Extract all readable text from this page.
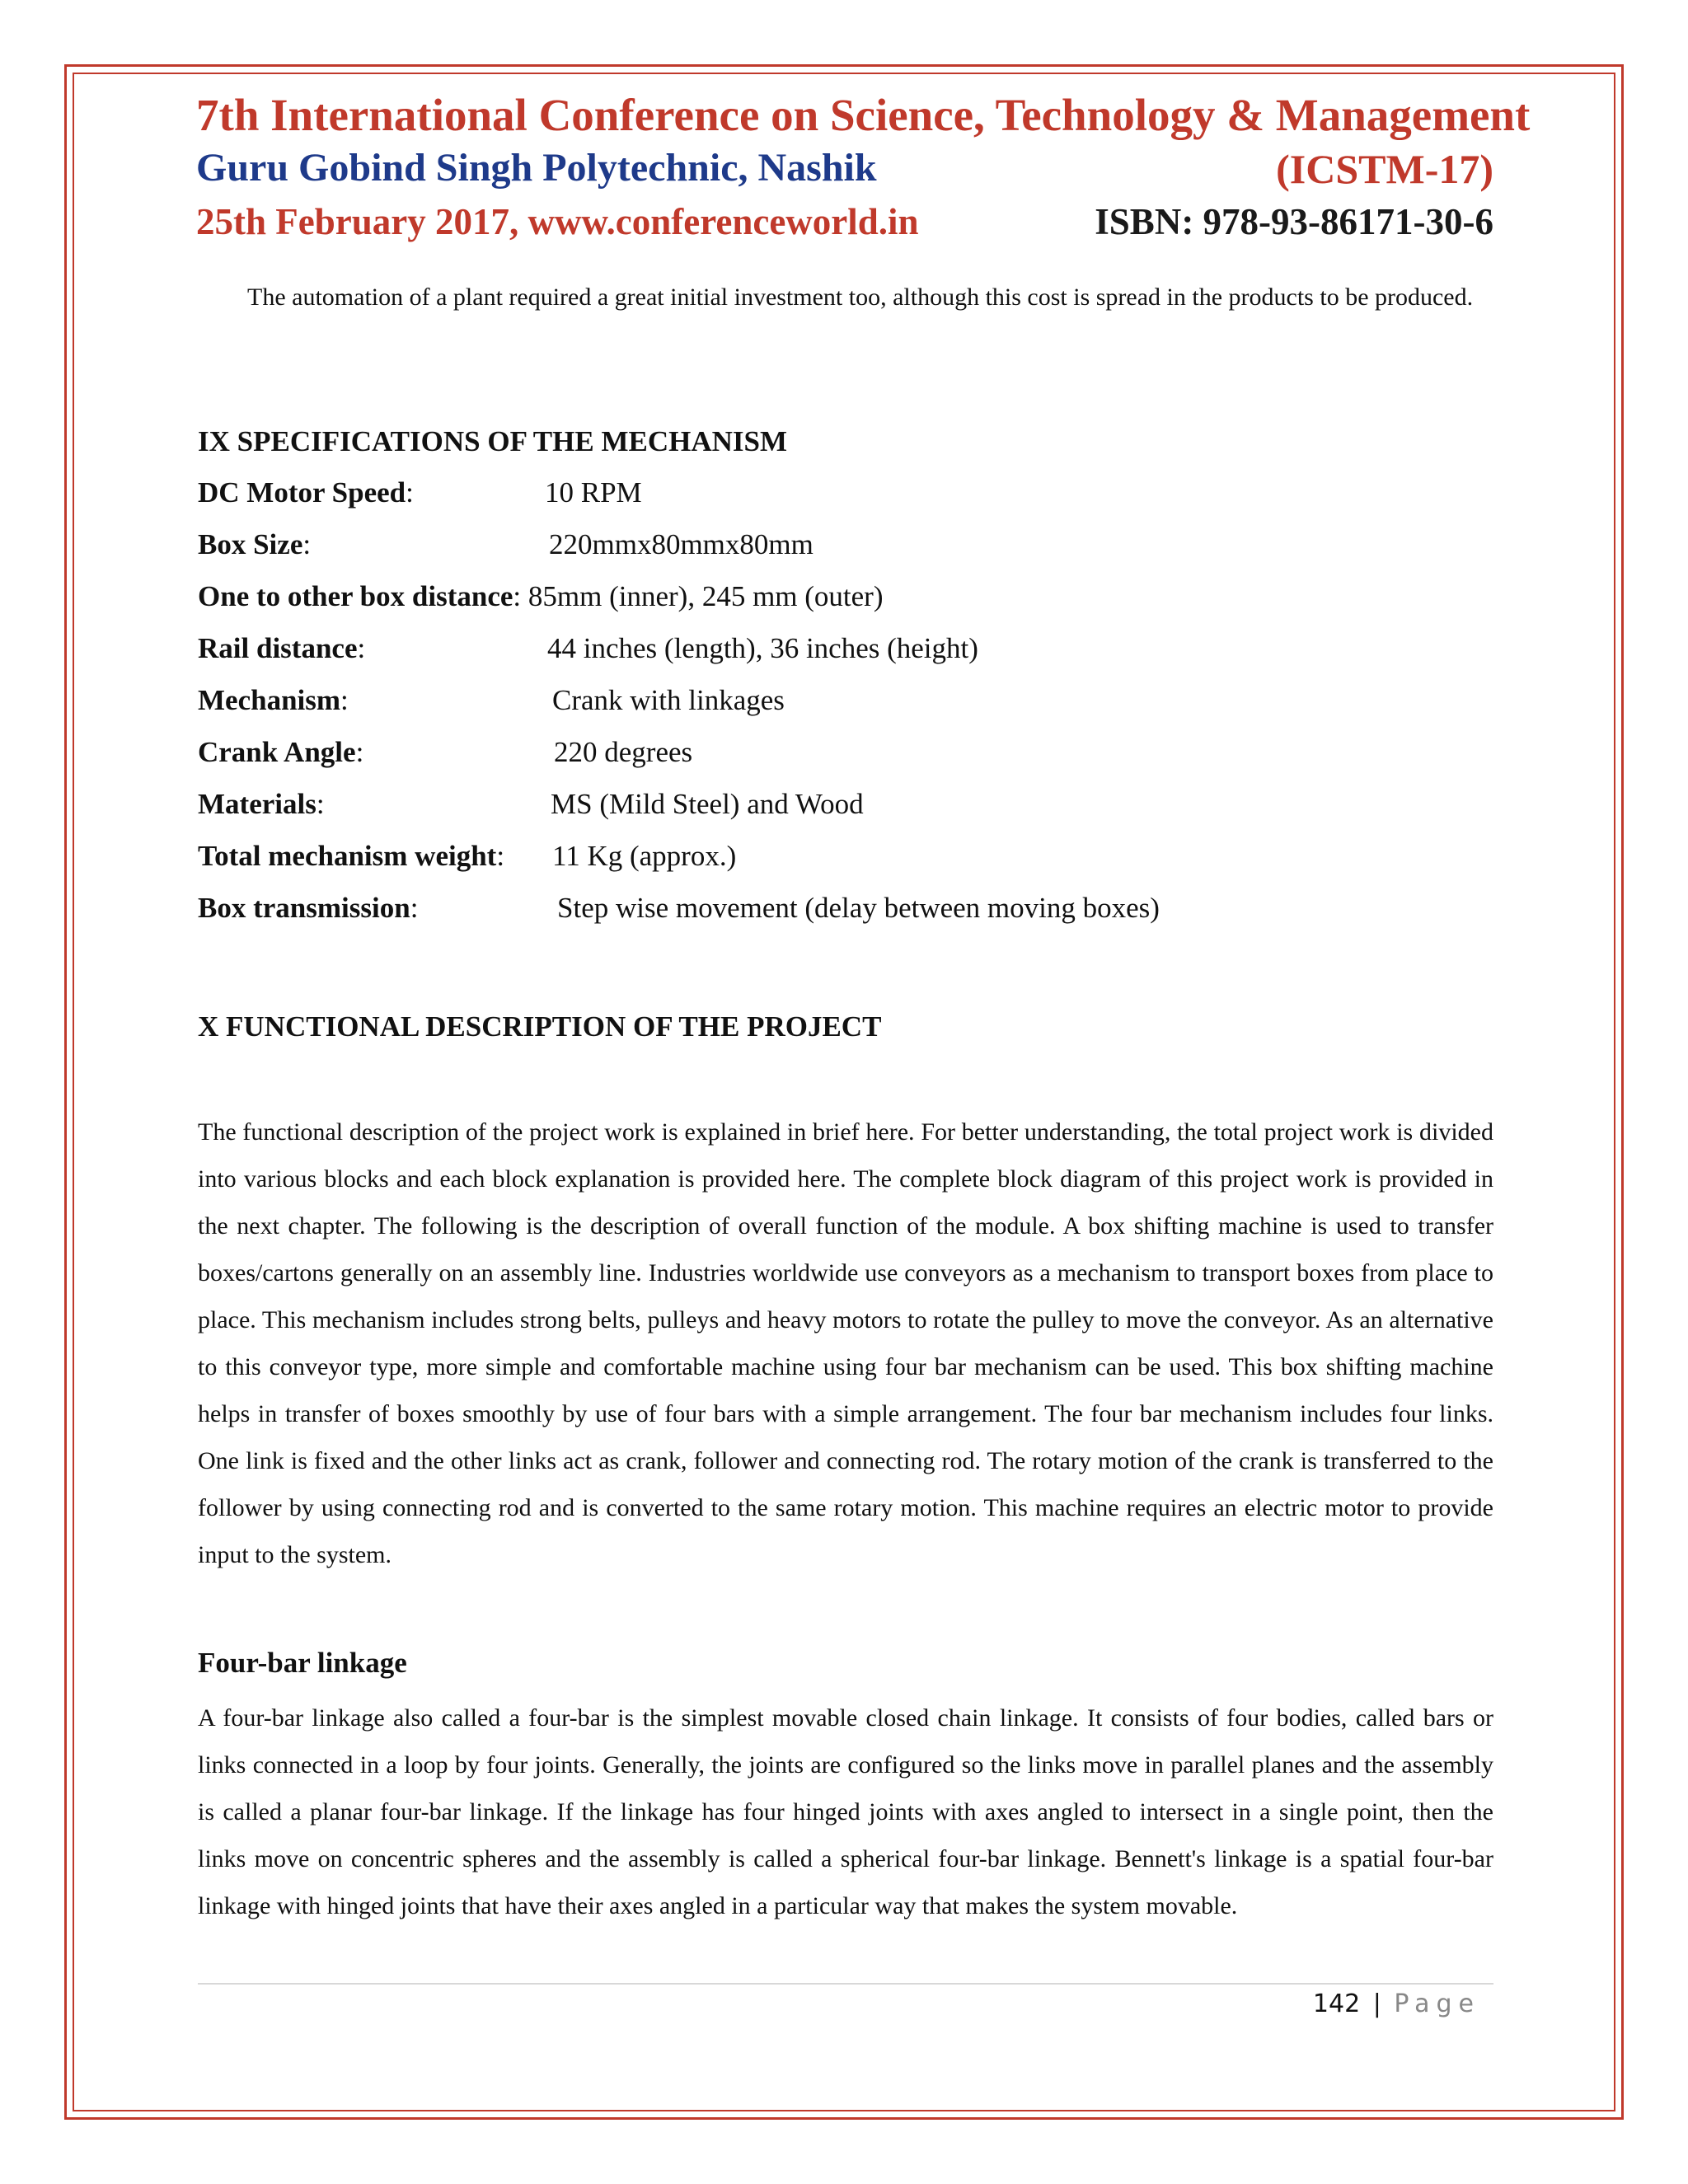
7th International Conference on Science, Technology & Management
Guru Gobind Singh Polytechnic, Nashik	(ICSTM-17)
25th February 2017, www.conferenceworld.in	ISBN: 978-93-86171-30-6
The automation of a plant required a great initial investment too, although this cost is spread in the products to be produced.
IX SPECIFICATIONS OF THE MECHANISM
DC Motor Speed:	10 RPM
Box Size:	220mmx80mmx80mm
One to other box distance: 85mm (inner), 245 mm (outer)
Rail distance:	44 inches (length), 36 inches (height)
Mechanism:	Crank with linkages
Crank Angle:	220 degrees
Materials:	MS (Mild Steel) and Wood
Total mechanism weight: 11 Kg (approx.)
Box transmission:	Step wise movement (delay between moving boxes)
X FUNCTIONAL DESCRIPTION OF THE PROJECT
The functional description of the project work is explained in brief here. For better understanding, the total project work is divided into various blocks and each block explanation is provided here. The complete block diagram of this project work is provided in the next chapter. The following is the description of overall function of the module. A box shifting machine is used to transfer boxes/cartons generally on an assembly line. Industries worldwide use conveyors as a mechanism to transport boxes from place to place. This mechanism includes strong belts, pulleys and heavy motors to rotate the pulley to move the conveyor. As an alternative to this conveyor type, more simple and comfortable machine using four bar mechanism can be used. This box shifting machine helps in transfer of boxes smoothly by use of four bars with a simple arrangement. The four bar mechanism includes four links. One link is fixed and the other links act as crank, follower and connecting rod. The rotary motion of the crank is transferred to the follower by using connecting rod and is converted to the same rotary motion. This machine requires an electric motor to provide input to the system.
Four-bar linkage
A four-bar linkage also called a four-bar is the simplest movable closed chain linkage. It consists of four bodies, called bars or links connected in a loop by four joints. Generally, the joints are configured so the links move in parallel planes and the assembly is called a planar four-bar linkage. If the linkage has four hinged joints with axes angled to intersect in a single point, then the links move on concentric spheres and the assembly is called a spherical four-bar linkage. Bennett's linkage is a spatial four-bar linkage with hinged joints that have their axes angled in a particular way that makes the system movable.
142 | Page
